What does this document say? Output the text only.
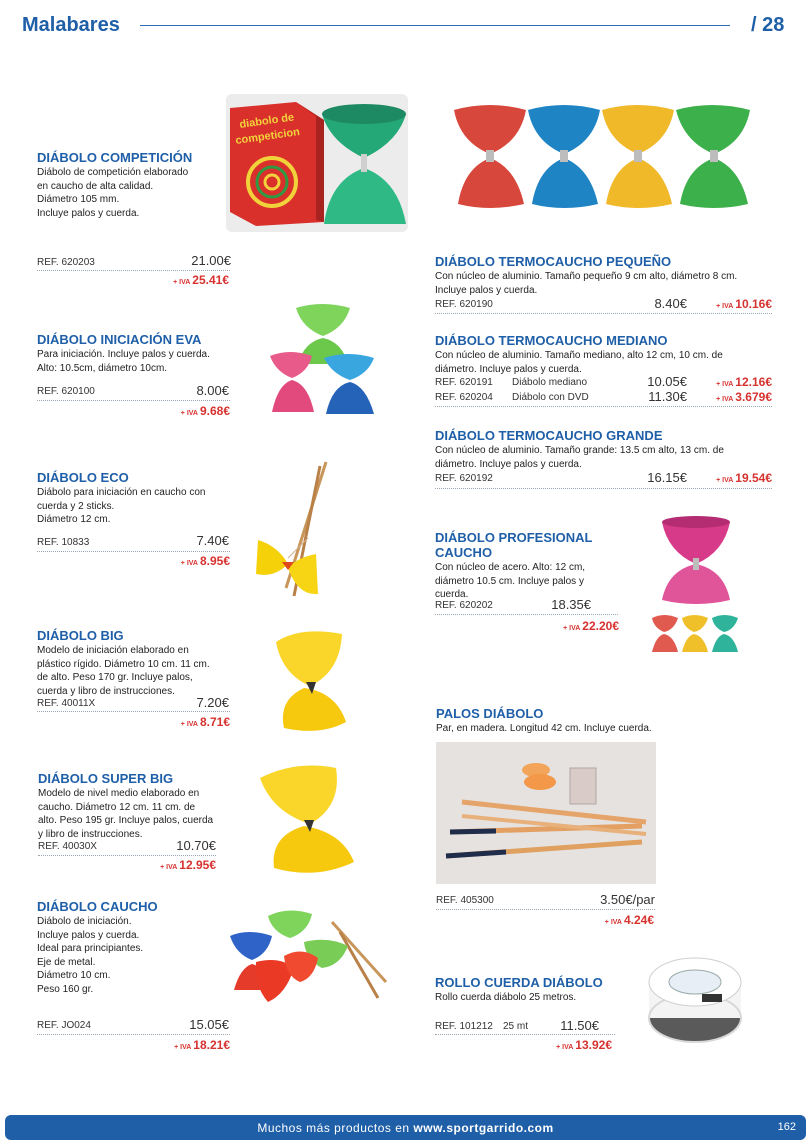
Malabares	/ 28
DIÁBOLO COMPETICIÓN
Diábolo de competición elaborado
en caucho de alta calidad.
Diámetro 105 mm.
Incluye palos y cuerda.
REF. 620203	21.00€
+ IVA 25.41€
diabolo de
competicion
DIÁBOLO INICIACIÓN EVA
Para iniciación. Incluye palos y cuerda.
Alto: 10.5cm, diámetro 10cm.
REF. 620100	8.00€
+ IVA 9.68€
DIÁBOLO ECO
Diábolo para iniciación en caucho con
cuerda y 2 sticks.
Diámetro 12 cm.
REF. 10833	7.40€
+ IVA 8.95€
DIÁBOLO BIG
Modelo de iniciación elaborado en
plástico rígido. Diámetro 10 cm. 11 cm.
de alto. Peso 170 gr. Incluye palos,
cuerda y libro de instrucciones.
REF. 40011X	7.20€
+ IVA 8.71€
DIÁBOLO SUPER BIG
Modelo de nivel medio elaborado en
caucho. Diámetro 12 cm. 11 cm. de
alto. Peso 195 gr. Incluye palos, cuerda
y libro de instrucciones.
REF. 40030X	10.70€
+ IVA 12.95€
DIÁBOLO CAUCHO
Diábolo de iniciación.
Incluye palos y cuerda.
Ideal para principiantes.
Eje de metal.
Diámetro 10 cm.
Peso 160 gr.
REF. JO024	15.05€
+ IVA 18.21€
DIÁBOLO TERMOCAUCHO PEQUEÑO
Con núcleo de aluminio. Tamaño pequeño 9 cm alto, diámetro 8 cm.
Incluye palos y cuerda.
REF. 620190	8.40€	+ IVA 10.16€
DIÁBOLO TERMOCAUCHO MEDIANO
Con núcleo de aluminio. Tamaño mediano, alto 12 cm, 10 cm. de
diámetro. Incluye palos y cuerda.
REF. 620191 Diábolo mediano	10.05€	+ IVA 12.16€
REF. 620204 Diábolo con DVD	11.30€	+ IVA 3.679€
DIÁBOLO TERMOCAUCHO GRANDE
Con núcleo de aluminio. Tamaño grande: 13.5 cm alto, 13 cm. de
diámetro. Incluye palos y cuerda.
REF. 620192	16.15€	+ IVA 19.54€
DIÁBOLO PROFESIONAL
CAUCHO
Con núcleo de acero. Alto: 12 cm,
diámetro 10.5 cm. Incluye palos y
cuerda.
REF. 620202	18.35€
+ IVA 22.20€
PALOS DIÁBOLO
Par, en madera. Longitud 42 cm. Incluye cuerda.
REF. 405300	3.50€/par
+ IVA 4.24€
ROLLO CUERDA DIÁBOLO
Rollo cuerda diábolo 25 metros.
REF. 101212 25 mt	11.50€
+ IVA 13.92€
Muchos más productos en www.sportgarrido.com	162
